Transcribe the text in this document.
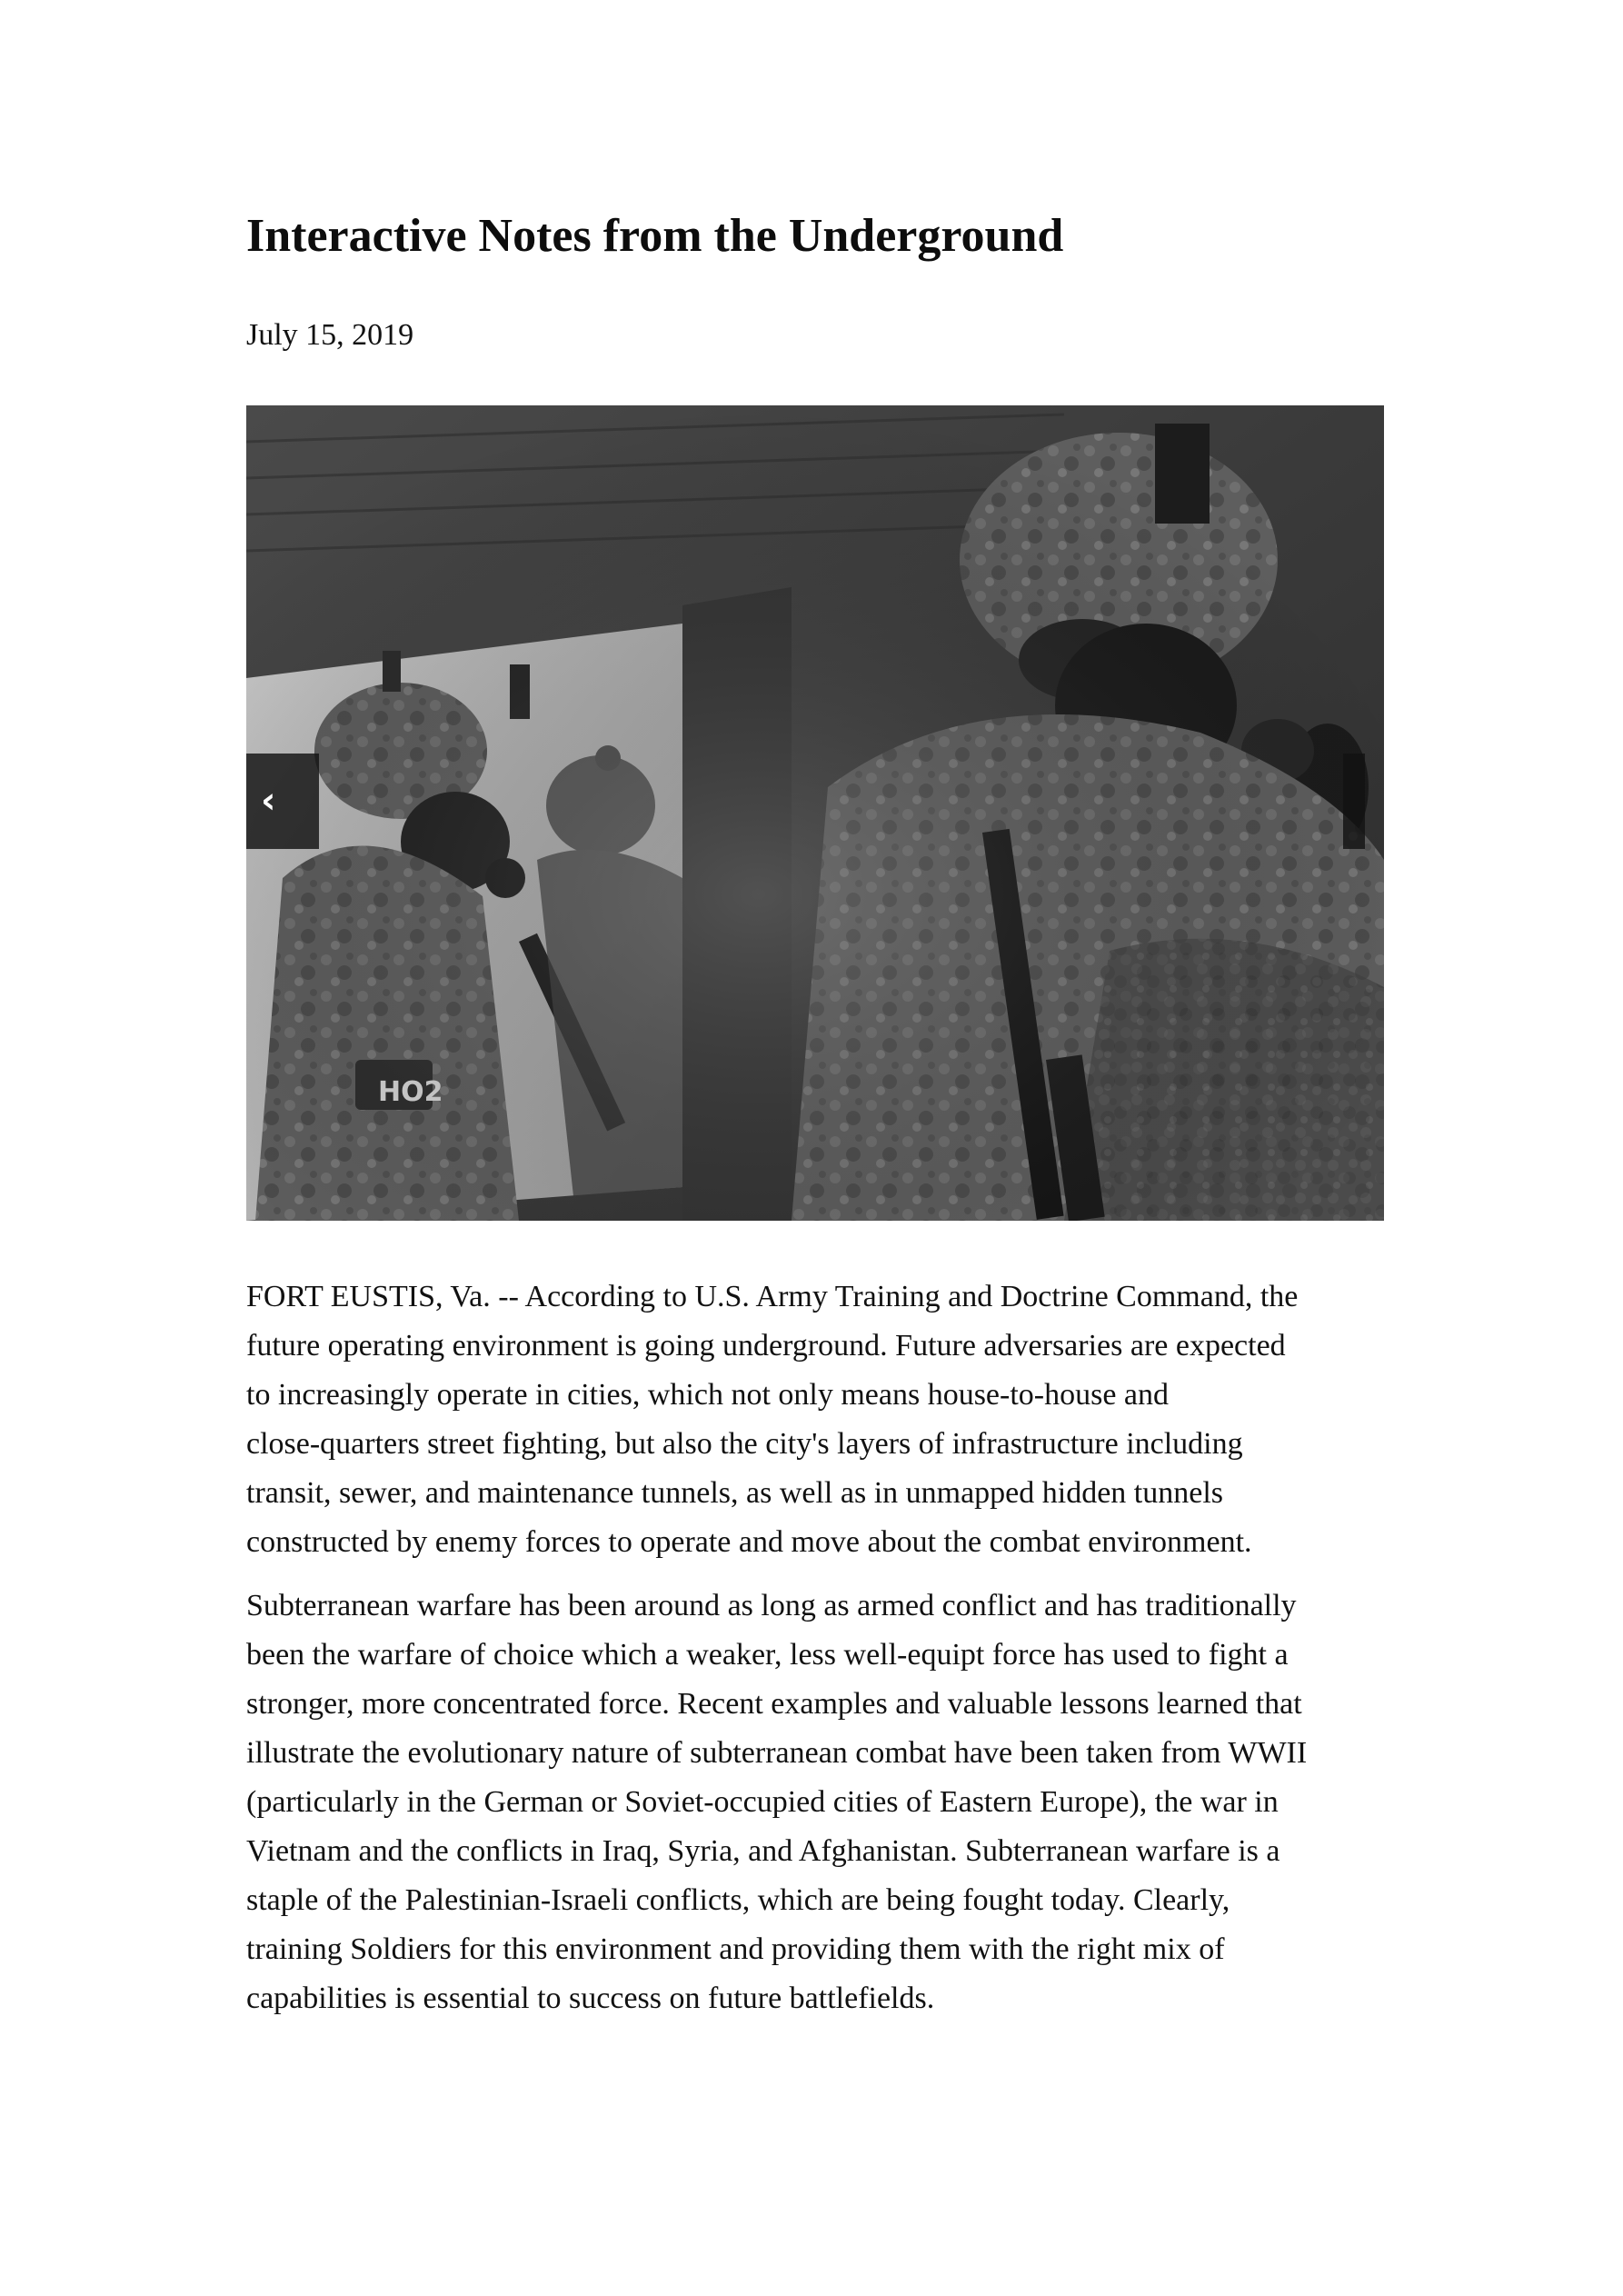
Interactive Notes from the Underground

July 15, 2019

‹

FORT EUSTIS, Va. -- According to U.S. Army Training and Doctrine Command, the
future operating environment is going underground. Future adversaries are expected
to increasingly operate in cities, which not only means house-to-house and
close-quarters street fighting, but also the city's layers of infrastructure including
transit, sewer, and maintenance tunnels, as well as in unmapped hidden tunnels
constructed by enemy forces to operate and move about the combat environment.

Subterranean warfare has been around as long as armed conflict and has traditionally
been the warfare of choice which a weaker, less well-equipt force has used to fight a
stronger, more concentrated force. Recent examples and valuable lessons learned that
illustrate the evolutionary nature of subterranean combat have been taken from WWII
(particularly in the German or Soviet-occupied cities of Eastern Europe), the war in
Vietnam and the conflicts in Iraq, Syria, and Afghanistan. Subterranean warfare is a
staple of the Palestinian-Israeli conflicts, which are being fought today. Clearly,
training Soldiers for this environment and providing them with the right mix of
capabilities is essential to success on future battlefields.
